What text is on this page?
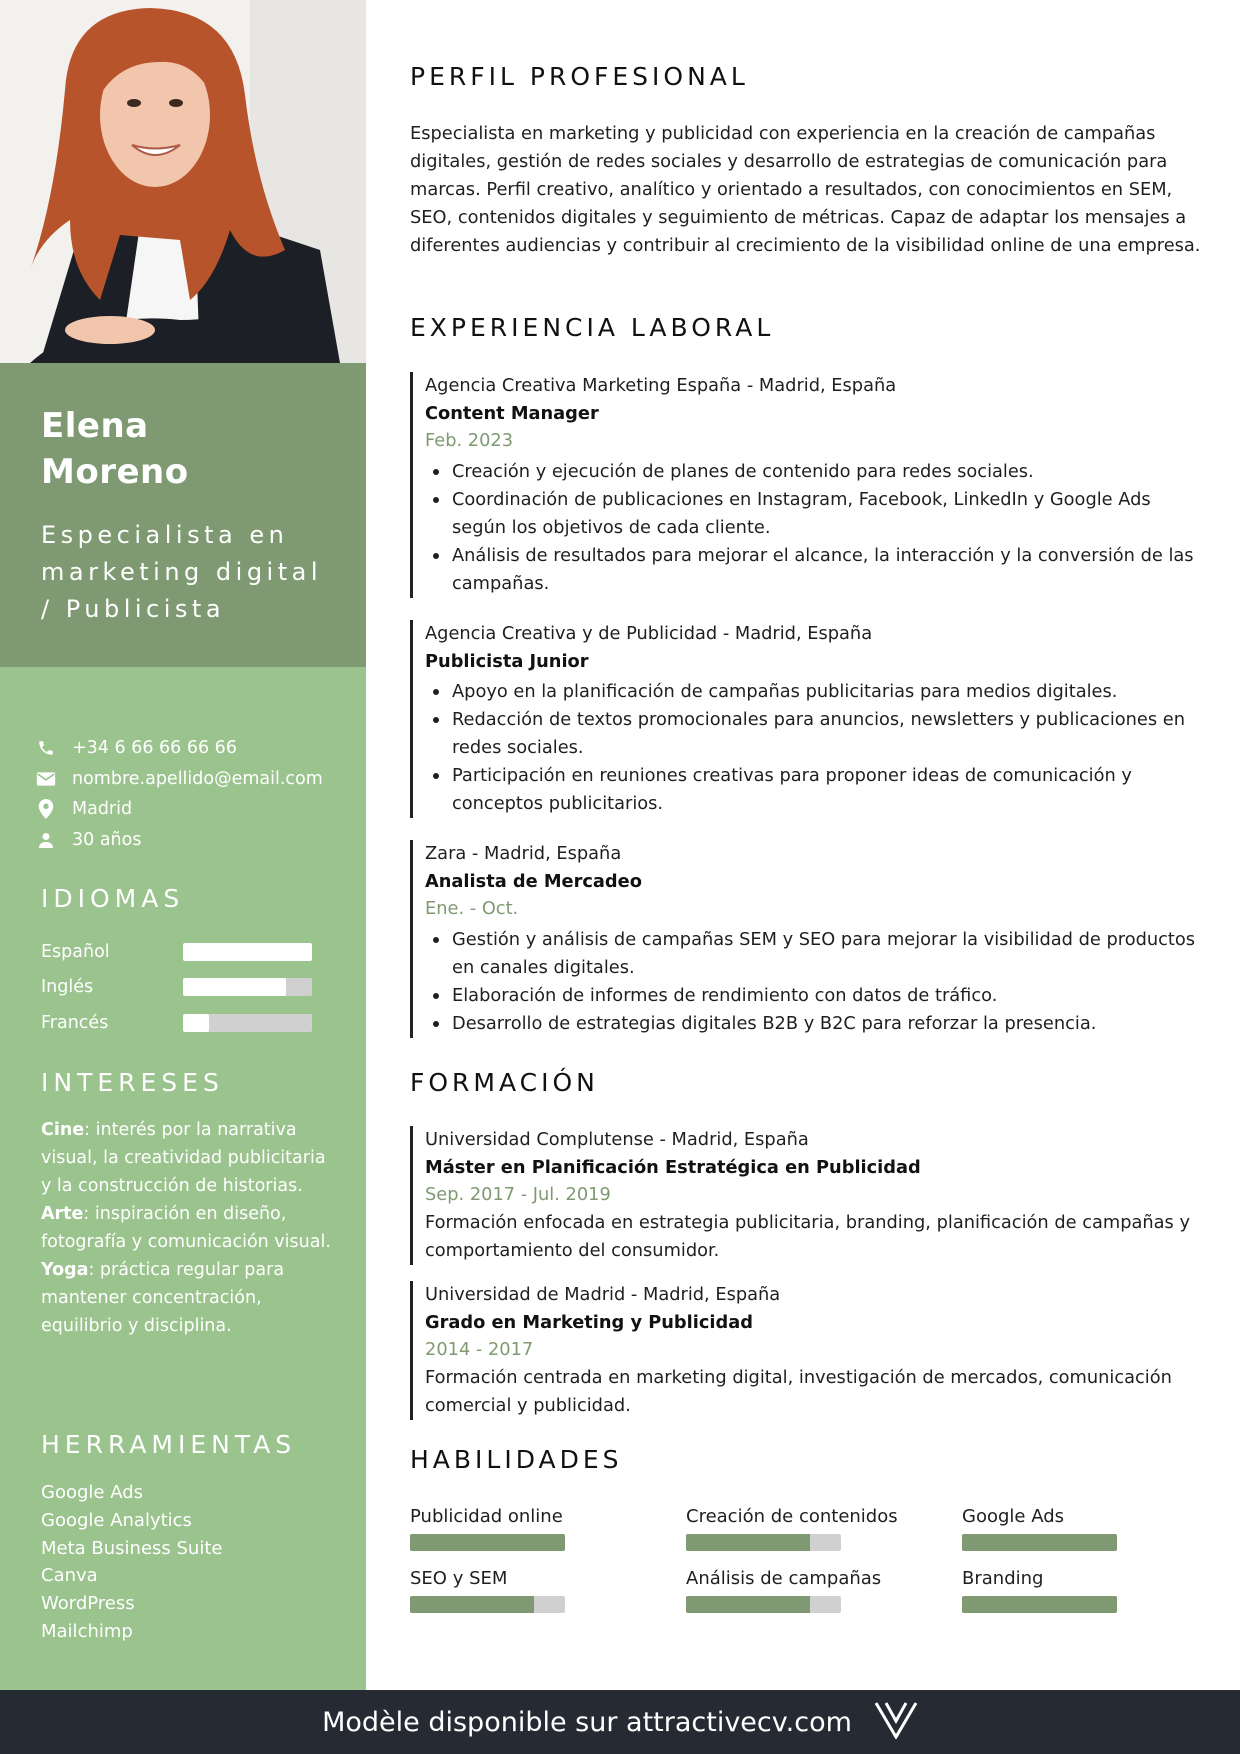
Elena
Moreno
Especialista en marketing digital / Publicista
+34 6 66 66 66 66
nombre.apellido@email.com
Madrid
30 años
IDIOMAS
Español
Inglés
Francés
INTERESES
Cine: interés por la narrativa visual, la creatividad publicitaria y la construcción de historias.
Arte: inspiración en diseño, fotografía y comunicación visual.
Yoga: práctica regular para mantener concentración, equilibrio y disciplina.
HERRAMIENTAS
Google Ads
Google Analytics
Meta Business Suite
Canva
WordPress
Mailchimp
PERFIL PROFESIONAL
Especialista en marketing y publicidad con experiencia en la creación de campañas digitales, gestión de redes sociales y desarrollo de estrategias de comunicación para marcas. Perfil creativo, analítico y orientado a resultados, con conocimientos en SEM, SEO, contenidos digitales y seguimiento de métricas. Capaz de adaptar los mensajes a diferentes audiencias y contribuir al crecimiento de la visibilidad online de una empresa.
EXPERIENCIA LABORAL
Agencia Creativa Marketing España - Madrid, España
Content Manager
Feb. 2023
Creación y ejecución de planes de contenido para redes sociales.
Coordinación de publicaciones en Instagram, Facebook, LinkedIn y Google Ads según los objetivos de cada cliente.
Análisis de resultados para mejorar el alcance, la interacción y la conversión de las campañas.
Agencia Creativa y de Publicidad - Madrid, España
Publicista Junior
Apoyo en la planificación de campañas publicitarias para medios digitales.
Redacción de textos promocionales para anuncios, newsletters y publicaciones en redes sociales.
Participación en reuniones creativas para proponer ideas de comunicación y conceptos publicitarios.
Zara - Madrid, España
Analista de Mercadeo
Ene. - Oct.
Gestión y análisis de campañas SEM y SEO para mejorar la visibilidad de productos en canales digitales.
Elaboración de informes de rendimiento con datos de tráfico.
Desarrollo de estrategias digitales B2B y B2C para reforzar la presencia.
FORMACIÓN
Universidad Complutense - Madrid, España
Máster en Planificación Estratégica en Publicidad
Sep. 2017 - Jul. 2019
Formación enfocada en estrategia publicitaria, branding, planificación de campañas y comportamiento del consumidor.
Universidad de Madrid - Madrid, España
Grado en Marketing y Publicidad
2014 - 2017
Formación centrada en marketing digital, investigación de mercados, comunicación comercial y publicidad.
HABILIDADES
Publicidad online	Creación de contenidos	Google Ads
SEO y SEM	Análisis de campañas	Branding
Modèle disponible sur attractivecv.com
